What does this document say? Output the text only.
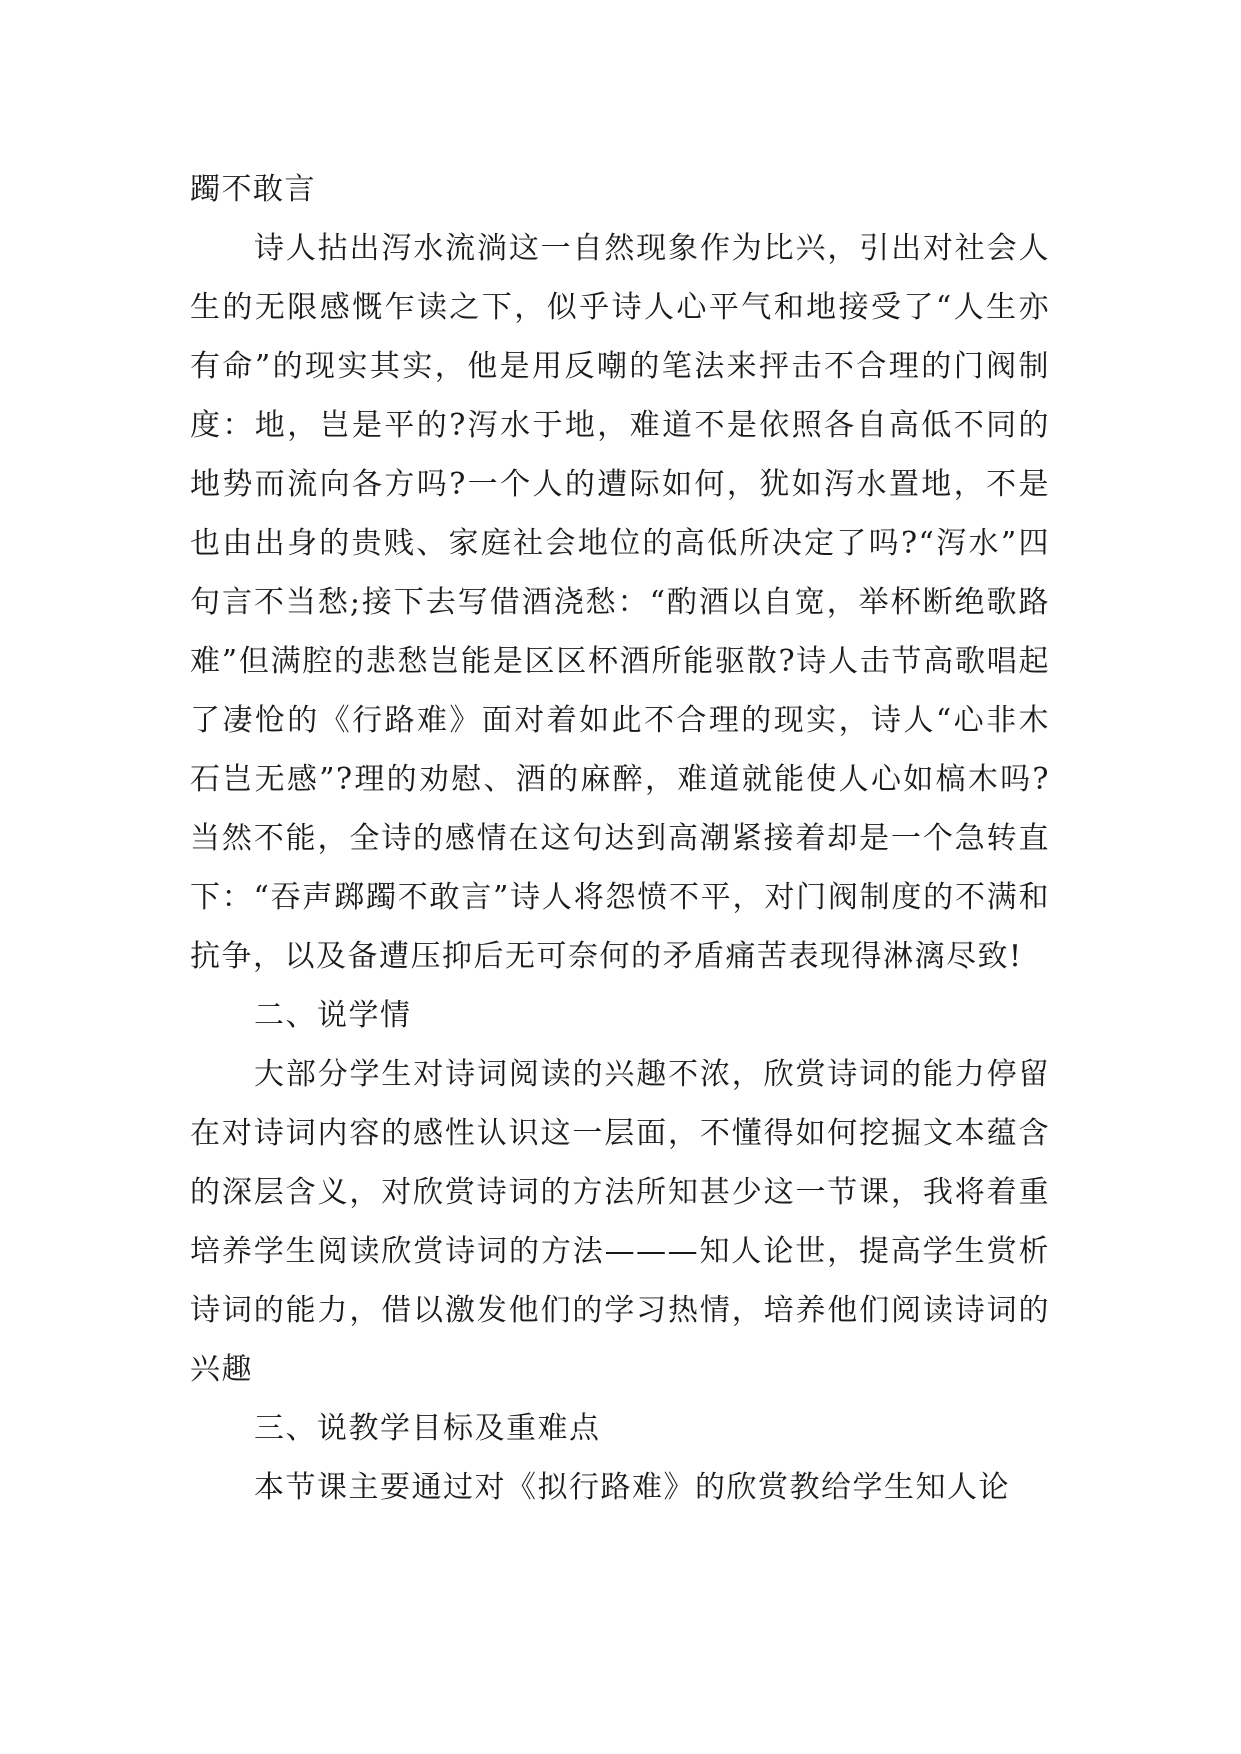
躅不敢言

诗人拈出泻水流淌这一自然现象作为比兴，引出对社会人生的无限感慨乍读之下，似乎诗人心平气和地接受了“人生亦有命”的现实其实，他是用反嘲的笔法来抨击不合理的门阀制度：地，岂是平的?泻水于地，难道不是依照各自高低不同的地势而流向各方吗?一个人的遭际如何，犹如泻水置地，不是也由出身的贵贱、家庭社会地位的高低所决定了吗?“泻水”四句言不当愁;接下去写借酒浇愁：“酌酒以自宽，举杯断绝歌路难”但满腔的悲愁岂能是区区杯酒所能驱散?诗人击节高歌唱起了凄怆的《行路难》面对着如此不合理的现实，诗人“心非木石岂无感”?理的劝慰、酒的麻醉，难道就能使人心如槁木吗?当然不能，全诗的感情在这句达到高潮紧接着却是一个急转直下：“吞声踯躅不敢言”诗人将怨愤不平，对门阀制度的不满和抗争，以及备遭压抑后无可奈何的矛盾痛苦表现得淋漓尽致!

二、说学情

大部分学生对诗词阅读的兴趣不浓，欣赏诗词的能力停留在对诗词内容的感性认识这一层面，不懂得如何挖掘文本蕴含的深层含义，对欣赏诗词的方法所知甚少这一节课，我将着重培养学生阅读欣赏诗词的方法———知人论世，提高学生赏析诗词的能力，借以激发他们的学习热情，培养他们阅读诗词的兴趣

三、说教学目标及重难点

本节课主要通过对《拟行路难》的欣赏教给学生知人论
